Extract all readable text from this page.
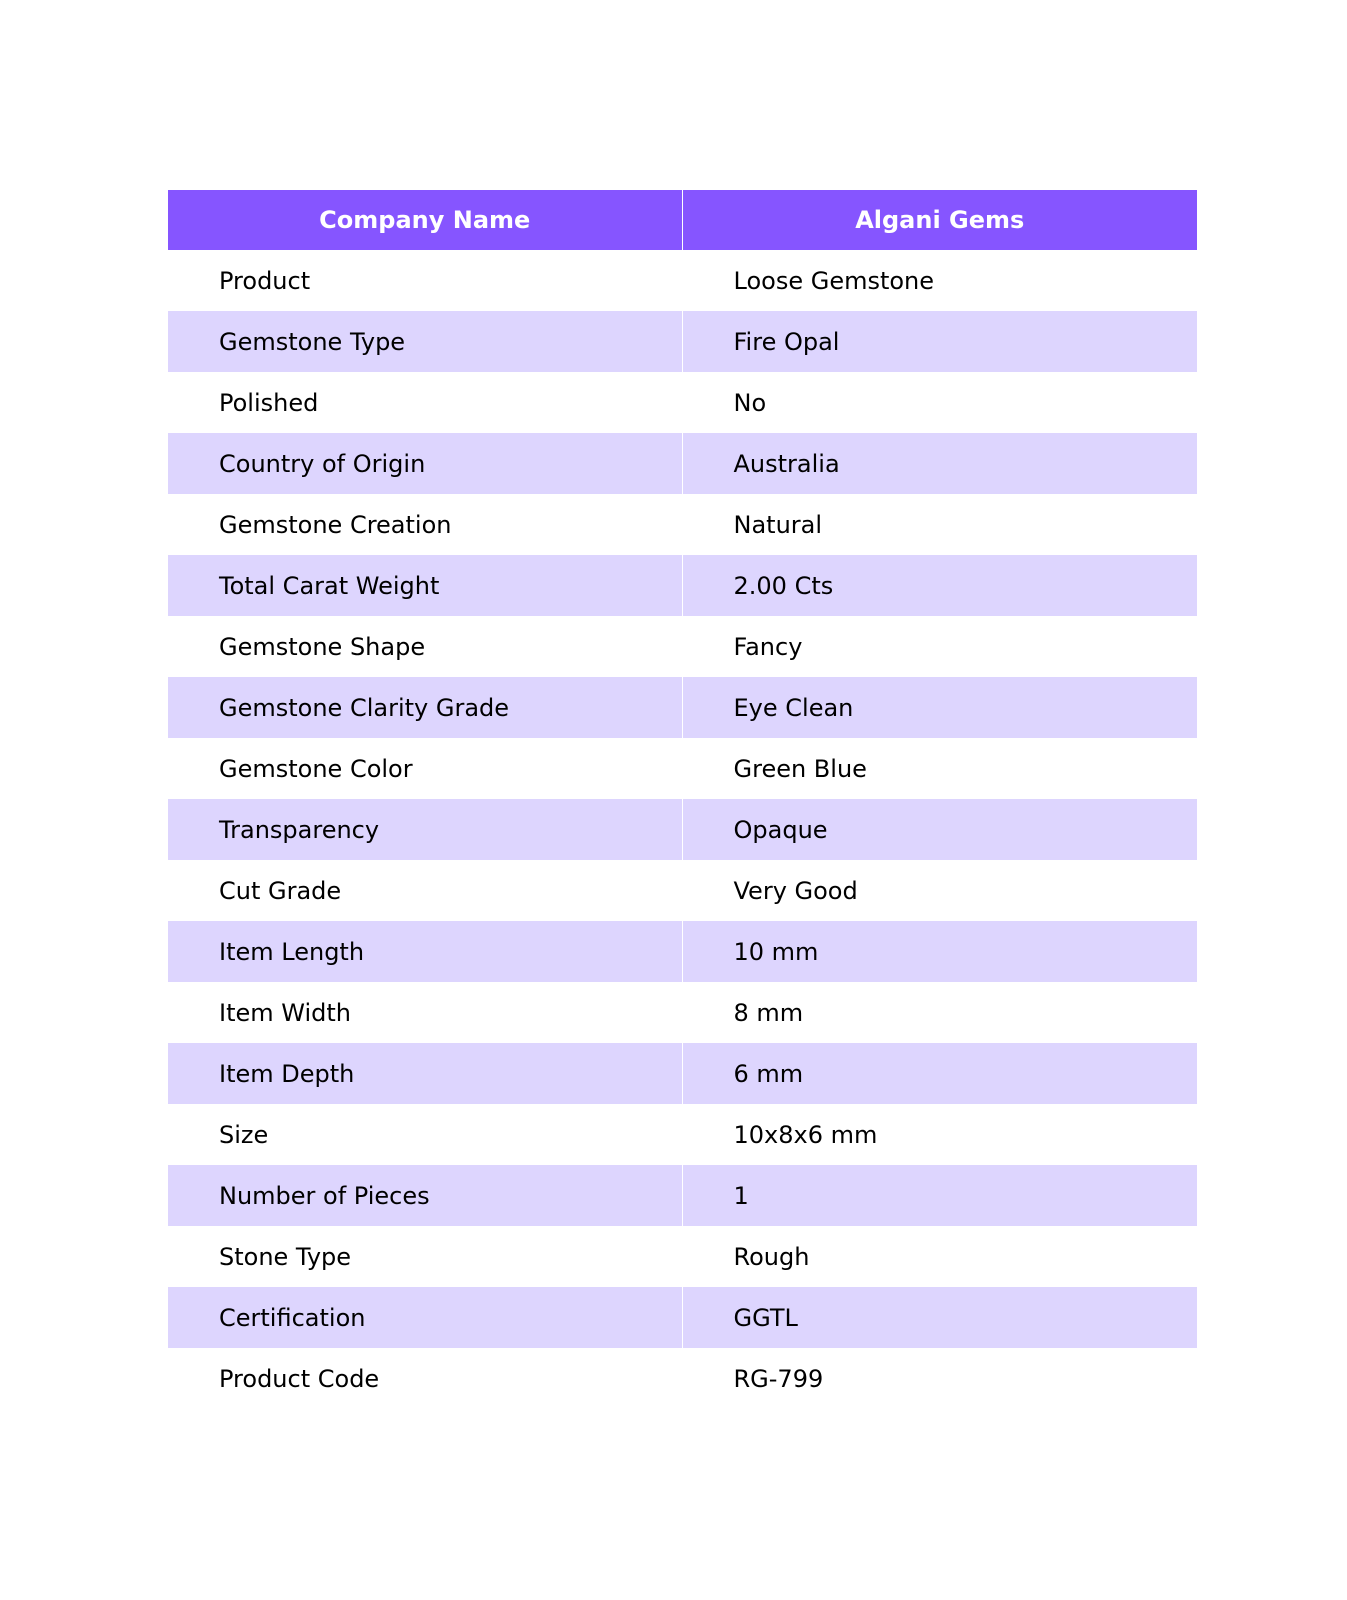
Company Name	Algani Gems
Product	Loose Gemstone
Gemstone Type	Fire Opal
Polished	No
Country of Origin	Australia
Gemstone Creation	Natural
Total Carat Weight	2.00 Cts
Gemstone Shape	Fancy
Gemstone Clarity Grade	Eye Clean
Gemstone Color	Green Blue
Transparency	Opaque
Cut Grade	Very Good
Item Length	10 mm
Item Width	8 mm
Item Depth	6 mm
Size	10x8x6 mm
Number of Pieces	1
Stone Type	Rough
Certification	GGTL
Product Code	RG-799
